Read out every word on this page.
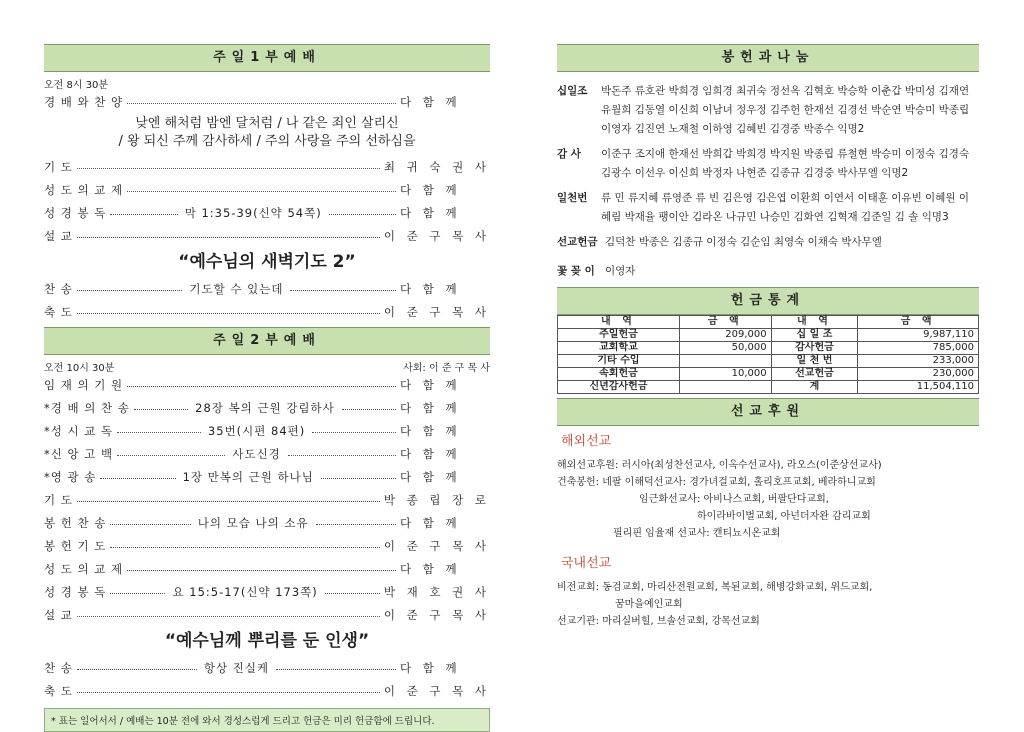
주일1부예배
오전 8시 30분
경 배 와 찬 양	다 함 께
낮엔 해처럼 밤엔 달처럼 / 나 같은 죄인 살리신
/ 왕 되신 주께 감사하세 / 주의 사랑을 주의 선하심을
기 도	최 귀 숙 권 사
성 도 의 교 제	다 함 께
성 경 봉 독	막 1:35-39(신약 54쪽)	다 함 께
설 교	이 준 구 목 사
“예수님의 새벽기도 2”
찬 송	기도할 수 있는데	다 함 께
축 도	이 준 구 목 사
주일2부예배
오전 10시 30분	사회: 이 준 구 목 사
임 재 의 기 원	다 함 께
*경 배 의 찬 송	28장 복의 근원 강림하사	다 함 께
*성 시 교 독	35번(시편 84편)	다 함 께
*신 앙 고 백	사도신경	다 함 께
*영 광 송	1장 만복의 근원 하나님	다 함 께
기 도	박 종 립 장 로
봉 헌 찬 송	나의 모습 나의 소유	다 함 께
봉 헌 기 도	이 준 구 목 사
성 도 의 교 제	다 함 께
성 경 봉 독	요 15:5-17(신약 173쪽)	박 재 호 권 사
설 교	이 준 구 목 사
“예수님께 뿌리를 둔 인생”
찬 송	항상 진실케	다 함 께
축 도	이 준 구 목 사
* 표는 일어서서 / 예배는 10분 전에 와서 경성스럽게 드리고 헌금은 미리 헌금함에 드립니다.
봉헌과나눔
십일조	박돈주 류호관 박희경 임희경 최귀숙 정선옥 김혁호 박승학 이춘갑 박미성 김재연 유월희 김동열 이신희 이남녀 정우정 김주헌 한재선 김경선 박순연 박승미 박종립 이영자 김진연 노재철 이하영 김혜빈 김경중 박종수 익명2
감 사	이준구 조지애 한재선 박희갑 박희경 박지원 박종립 류철현 박승미 이정숙 김경숙 김광수 이선우 이신희 박정자 나현준 김종규 김경중 박사무엘 익명2
일천번	류 민 류지혜 류영준 류 빈 김은영 김은엽 이환희 이연서 이태훈 이유빈 이혜원 이혜림 박재율 팽이안 김라온 나규민 나승민 김화연 김혁재 김준일 김 솔 익명3
선교헌금 김덕찬 박종은 김종규 이정숙 김순임 최영숙 이채숙 박사무엘
꽃 꽂 이 이영자
헌금통계
내 역	금 액	내 역	금 액
주일헌금	209,000	십 일 조	9,987,110
교회학교	50,000	감사헌금	785,000
기타 수입		일 천 번	233,000
속회헌금	10,000	선교헌금	230,000
신년감사헌금		계	11,504,110
선교후원
해외선교
해외선교후원: 러시아(최성찬선교사, 이옥수선교사), 라오스(이준상선교사)
건축봉헌: 네팔 이해덕선교사: 경가녀걸교회, 홀리호프교회, 베라하니교회
임근화선교사: 아비나스교회, 버팔단다교회,
하이라바이벌교회, 아넌더자완 감리교회
필리핀 임율재 선교사: 캔티뇨시온교회
국내선교
비전교회: 동검교회, 마리산전원교회, 복된교회, 해병강화교회, 위드교회,
꿈마을예인교회
선교기관: 마리실버힐, 브솔선교회, 강목선교회
